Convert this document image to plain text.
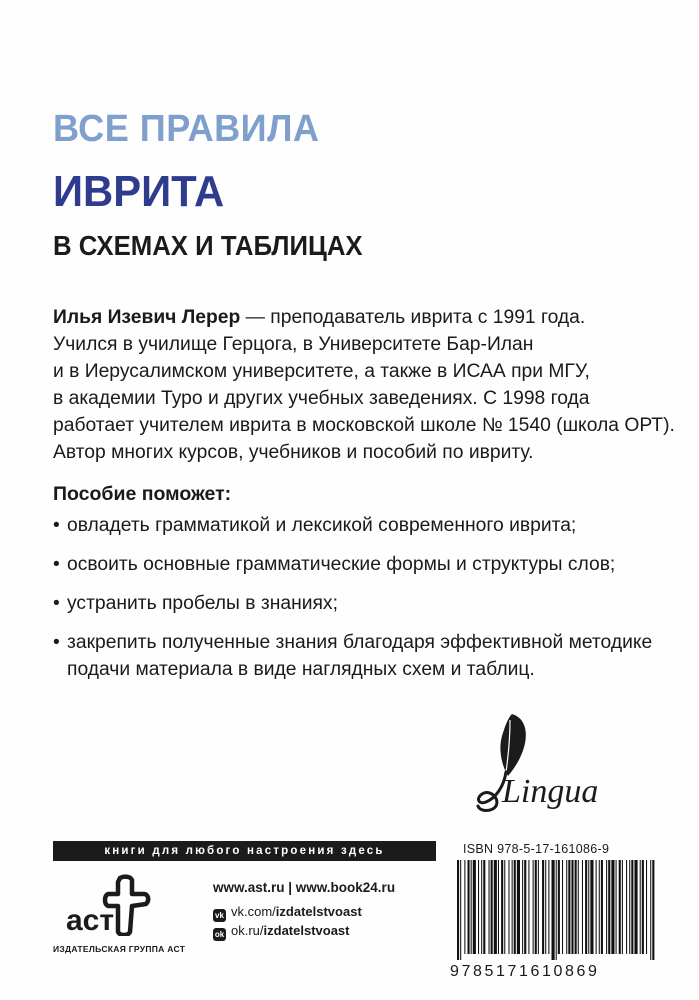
ВСЕ ПРАВИЛА
ИВРИТА
В СХЕМАХ И ТАБЛИЦАХ
Илья Изевич Лерер — преподаватель иврита с 1991 года.
Учился в училище Герцога, в Университете Бар-Илан
и в Иерусалимском университете, а также в ИСАА при МГУ,
в академии Туро и других учебных заведениях. С 1998 года
работает учителем иврита в московской школе № 1540 (школа ОРТ).
Автор многих курсов, учебников и пособий по ивриту.
Пособие поможет:
• овладеть грамматикой и лексикой современного иврита;
• освоить основные грамматические формы и структуры слов;
• устранить пробелы в знаниях;
• закрепить полученные знания благодаря эффективной методике
подачи материала в виде наглядных схем и таблиц.
Lingua
книги для любого настроения здесь
аст
ИЗДАТЕЛЬСКАЯ ГРУППА АСТ
www.ast.ru | www.book24.ru
vk vk.com/izdatelstvoast
ok ok.ru/izdatelstvoast
ISBN 978-5-17-161086-9
9785171610869
